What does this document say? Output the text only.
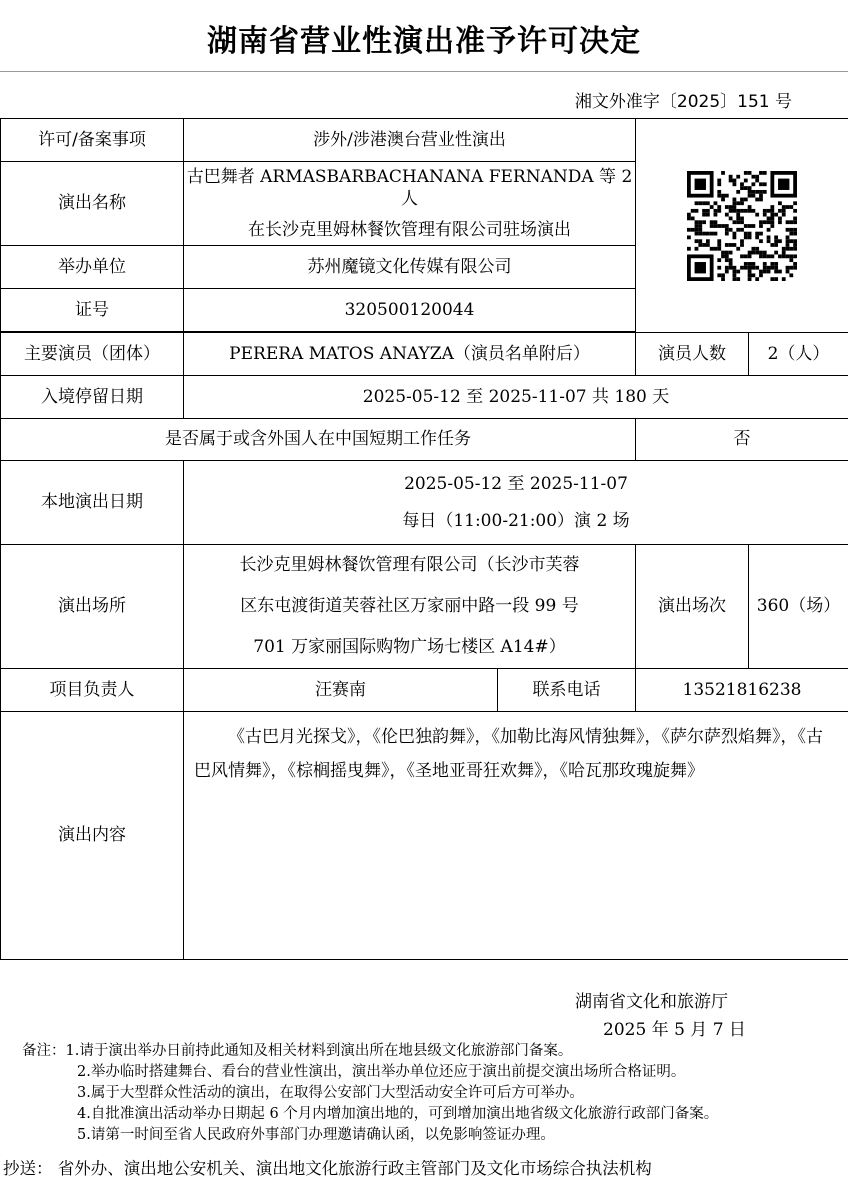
湖南省营业性演出准予许可决定
湘文外准字〔2025〕151 号
许可/备案事项	涉外/涉港澳台营业性演出	

演出名称	古巴舞者 ARMASBARBACHANANA FERNANDA 等 2 人
在长沙克里姆林餐饮管理有限公司驻场演出			

举办单位	苏州魔镜文化传媒有限公司			
证号	320500120044			

主要演员（团体）	PERERA MATOS ANAYZA（演员名单附后）		演员人数	2（人）
入境停留日期	2025-05-12 至 2025-11-07 共 180 天			
是否属于或含外国人在中国短期工作任务			否	
本地演出日期	2025-05-12 至 2025-11-07
每日（11:00-21:00）演 2 场			

演出场所	长沙克里姆林餐饮管理有限公司（长沙市芙蓉
区东屯渡街道芙蓉社区万家丽中路一段 99 号
701 万家丽国际购物广场七楼区 A14#）		演出场次	360（场）
项目负责人	汪赛南	联系电话	13521816238	
演出内容	《古巴月光探戈》，《伦巴独韵舞》，《加勒比海风情独舞》，《萨尔萨烈焰舞》，《古巴风情舞》，《棕榈摇曳舞》，《圣地亚哥狂欢舞》，《哈瓦那玫瑰旋舞》			
湖南省文化和旅游厅
2025 年 5 月 7 日
备注：1.请于演出举办日前持此通知及相关材料到演出所在地县级文化旅游部门备案。
2.举办临时搭建舞台、看台的营业性演出，演出举办单位还应于演出前提交演出场所合格证明。
3.属于大型群众性活动的演出，在取得公安部门大型活动安全许可后方可举办。
4.自批准演出活动举办日期起 6 个月内增加演出地的，可到增加演出地省级文化旅游行政部门备案。
5.请第一时间至省人民政府外事部门办理邀请确认函，以免影响签证办理。
抄送： 省外办、演出地公安机关、演出地文化旅游行政主管部门及文化市场综合执法机构
